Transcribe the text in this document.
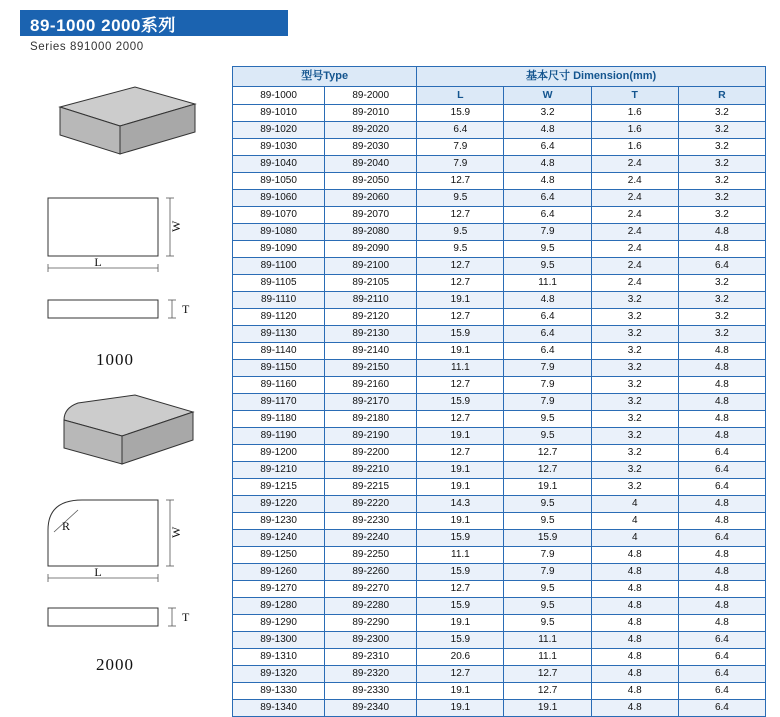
89-1000 2000系列
Series 891000 2000
W
L
T
1000
R	W
L
T
2000
型号Type		基本尺寸 Dimension(mm)			
89-1000	89-2000	L	W	T	R
89-1010	89-2010	15.9	3.2	1.6	3.2
89-1020	89-2020	6.4	4.8	1.6	3.2
89-1030	89-2030	7.9	6.4	1.6	3.2
89-1040	89-2040	7.9	4.8	2.4	3.2
89-1050	89-2050	12.7	4.8	2.4	3.2
89-1060	89-2060	9.5	6.4	2.4	3.2
89-1070	89-2070	12.7	6.4	2.4	3.2
89-1080	89-2080	9.5	7.9	2.4	4.8
89-1090	89-2090	9.5	9.5	2.4	4.8
89-1100	89-2100	12.7	9.5	2.4	6.4
89-1105	89-2105	12.7	11.1	2.4	3.2
89-1110	89-2110	19.1	4.8	3.2	3.2
89-1120	89-2120	12.7	6.4	3.2	3.2
89-1130	89-2130	15.9	6.4	3.2	3.2
89-1140	89-2140	19.1	6.4	3.2	4.8
89-1150	89-2150	11.1	7.9	3.2	4.8
89-1160	89-2160	12.7	7.9	3.2	4.8
89-1170	89-2170	15.9	7.9	3.2	4.8
89-1180	89-2180	12.7	9.5	3.2	4.8
89-1190	89-2190	19.1	9.5	3.2	4.8
89-1200	89-2200	12.7	12.7	3.2	6.4
89-1210	89-2210	19.1	12.7	3.2	6.4
89-1215	89-2215	19.1	19.1	3.2	6.4
89-1220	89-2220	14.3	9.5	4	4.8
89-1230	89-2230	19.1	9.5	4	4.8
89-1240	89-2240	15.9	15.9	4	6.4
89-1250	89-2250	11.1	7.9	4.8	4.8
89-1260	89-2260	15.9	7.9	4.8	4.8
89-1270	89-2270	12.7	9.5	4.8	4.8
89-1280	89-2280	15.9	9.5	4.8	4.8
89-1290	89-2290	19.1	9.5	4.8	4.8
89-1300	89-2300	15.9	11.1	4.8	6.4
89-1310	89-2310	20.6	11.1	4.8	6.4
89-1320	89-2320	12.7	12.7	4.8	6.4
89-1330	89-2330	19.1	12.7	4.8	6.4
89-1340	89-2340	19.1	19.1	4.8	6.4
